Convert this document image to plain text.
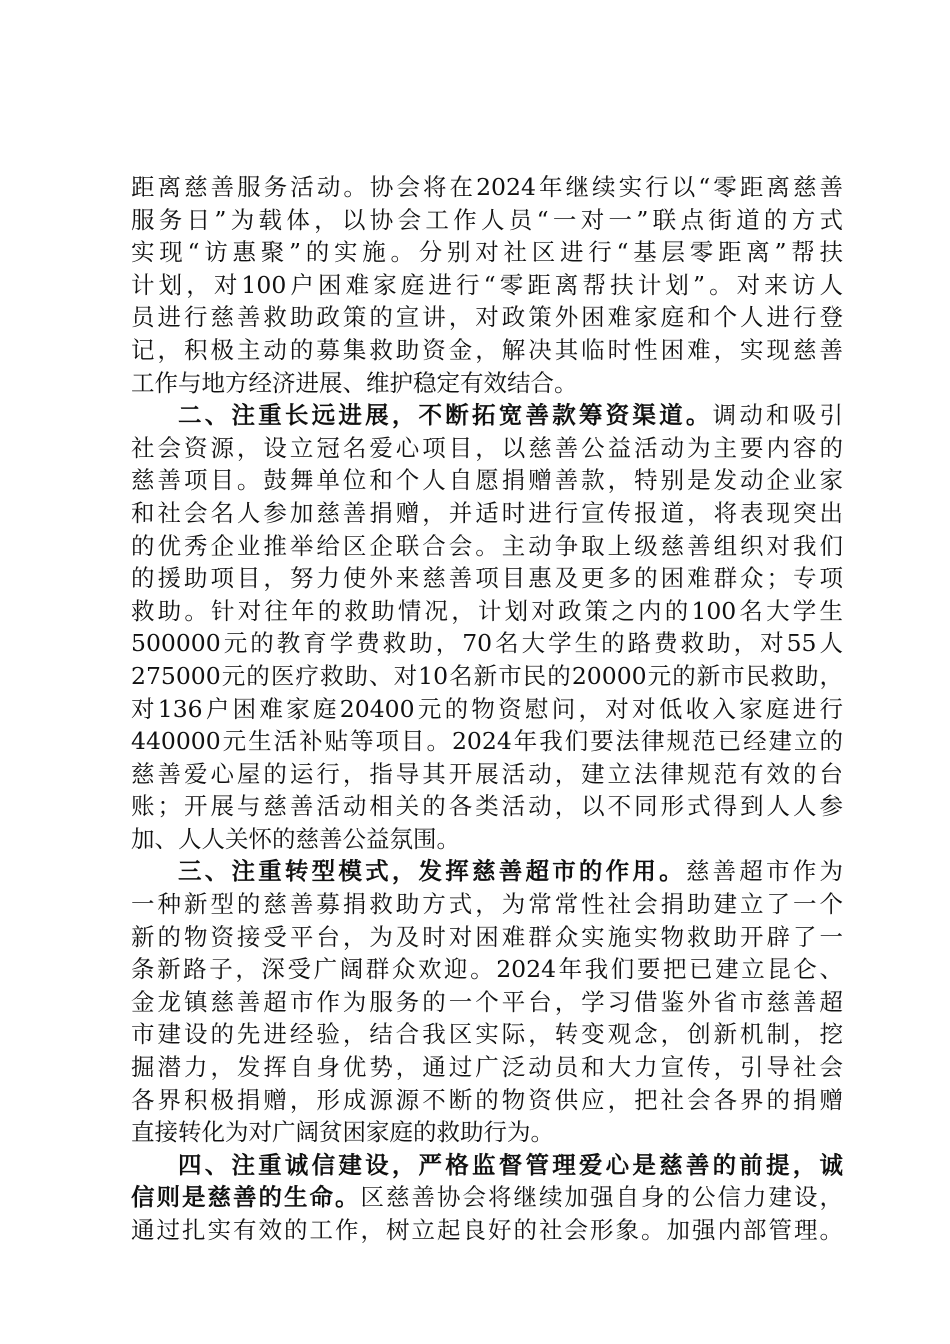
距离慈善服务活动。协会将在2024年继续实行以“零距离慈善
服务日”为载体，以协会工作人员“一对一”联点街道的方式
实现“访惠聚”的实施。分别对社区进行“基层零距离”帮扶
计划，对100户困难家庭进行“零距离帮扶计划”。对来访人
员进行慈善救助政策的宣讲，对政策外困难家庭和个人进行登
记，积极主动的募集救助资金，解决其临时性困难，实现慈善
工作与地方经济进展、维护稳定有效结合。
二、注重长远进展，不断拓宽善款筹资渠道。调动和吸引
社会资源，设立冠名爱心项目，以慈善公益活动为主要内容的
慈善项目。鼓舞单位和个人自愿捐赠善款，特别是发动企业家
和社会名人参加慈善捐赠，并适时进行宣传报道，将表现突出
的优秀企业推举给区企联合会。主动争取上级慈善组织对我们
的援助项目，努力使外来慈善项目惠及更多的困难群众；专项
救助。针对往年的救助情况，计划对政策之内的100名大学生
500000元的教育学费救助，70名大学生的路费救助，对55人
275000元的医疗救助、对10名新市民的20000元的新市民救助，
对136户困难家庭20400元的物资慰问，对对低收入家庭进行
440000元生活补贴等项目。2024年我们要法律规范已经建立的
慈善爱心屋的运行，指导其开展活动，建立法律规范有效的台
账；开展与慈善活动相关的各类活动，以不同形式得到人人参
加、人人关怀的慈善公益氛围。
三、注重转型模式，发挥慈善超市的作用。慈善超市作为
一种新型的慈善募捐救助方式，为常常性社会捐助建立了一个
新的物资接受平台，为及时对困难群众实施实物救助开辟了一
条新路子，深受广阔群众欢迎。2024年我们要把已建立昆仑、
金龙镇慈善超市作为服务的一个平台，学习借鉴外省市慈善超
市建设的先进经验，结合我区实际，转变观念，创新机制，挖
掘潜力，发挥自身优势，通过广泛动员和大力宣传，引导社会
各界积极捐赠，形成源源不断的物资供应，把社会各界的捐赠
直接转化为对广阔贫困家庭的救助行为。
四、注重诚信建设，严格监督管理爱心是慈善的前提，诚
信则是慈善的生命。区慈善协会将继续加强自身的公信力建设，
通过扎实有效的工作，树立起良好的社会形象。加强内部管理。
